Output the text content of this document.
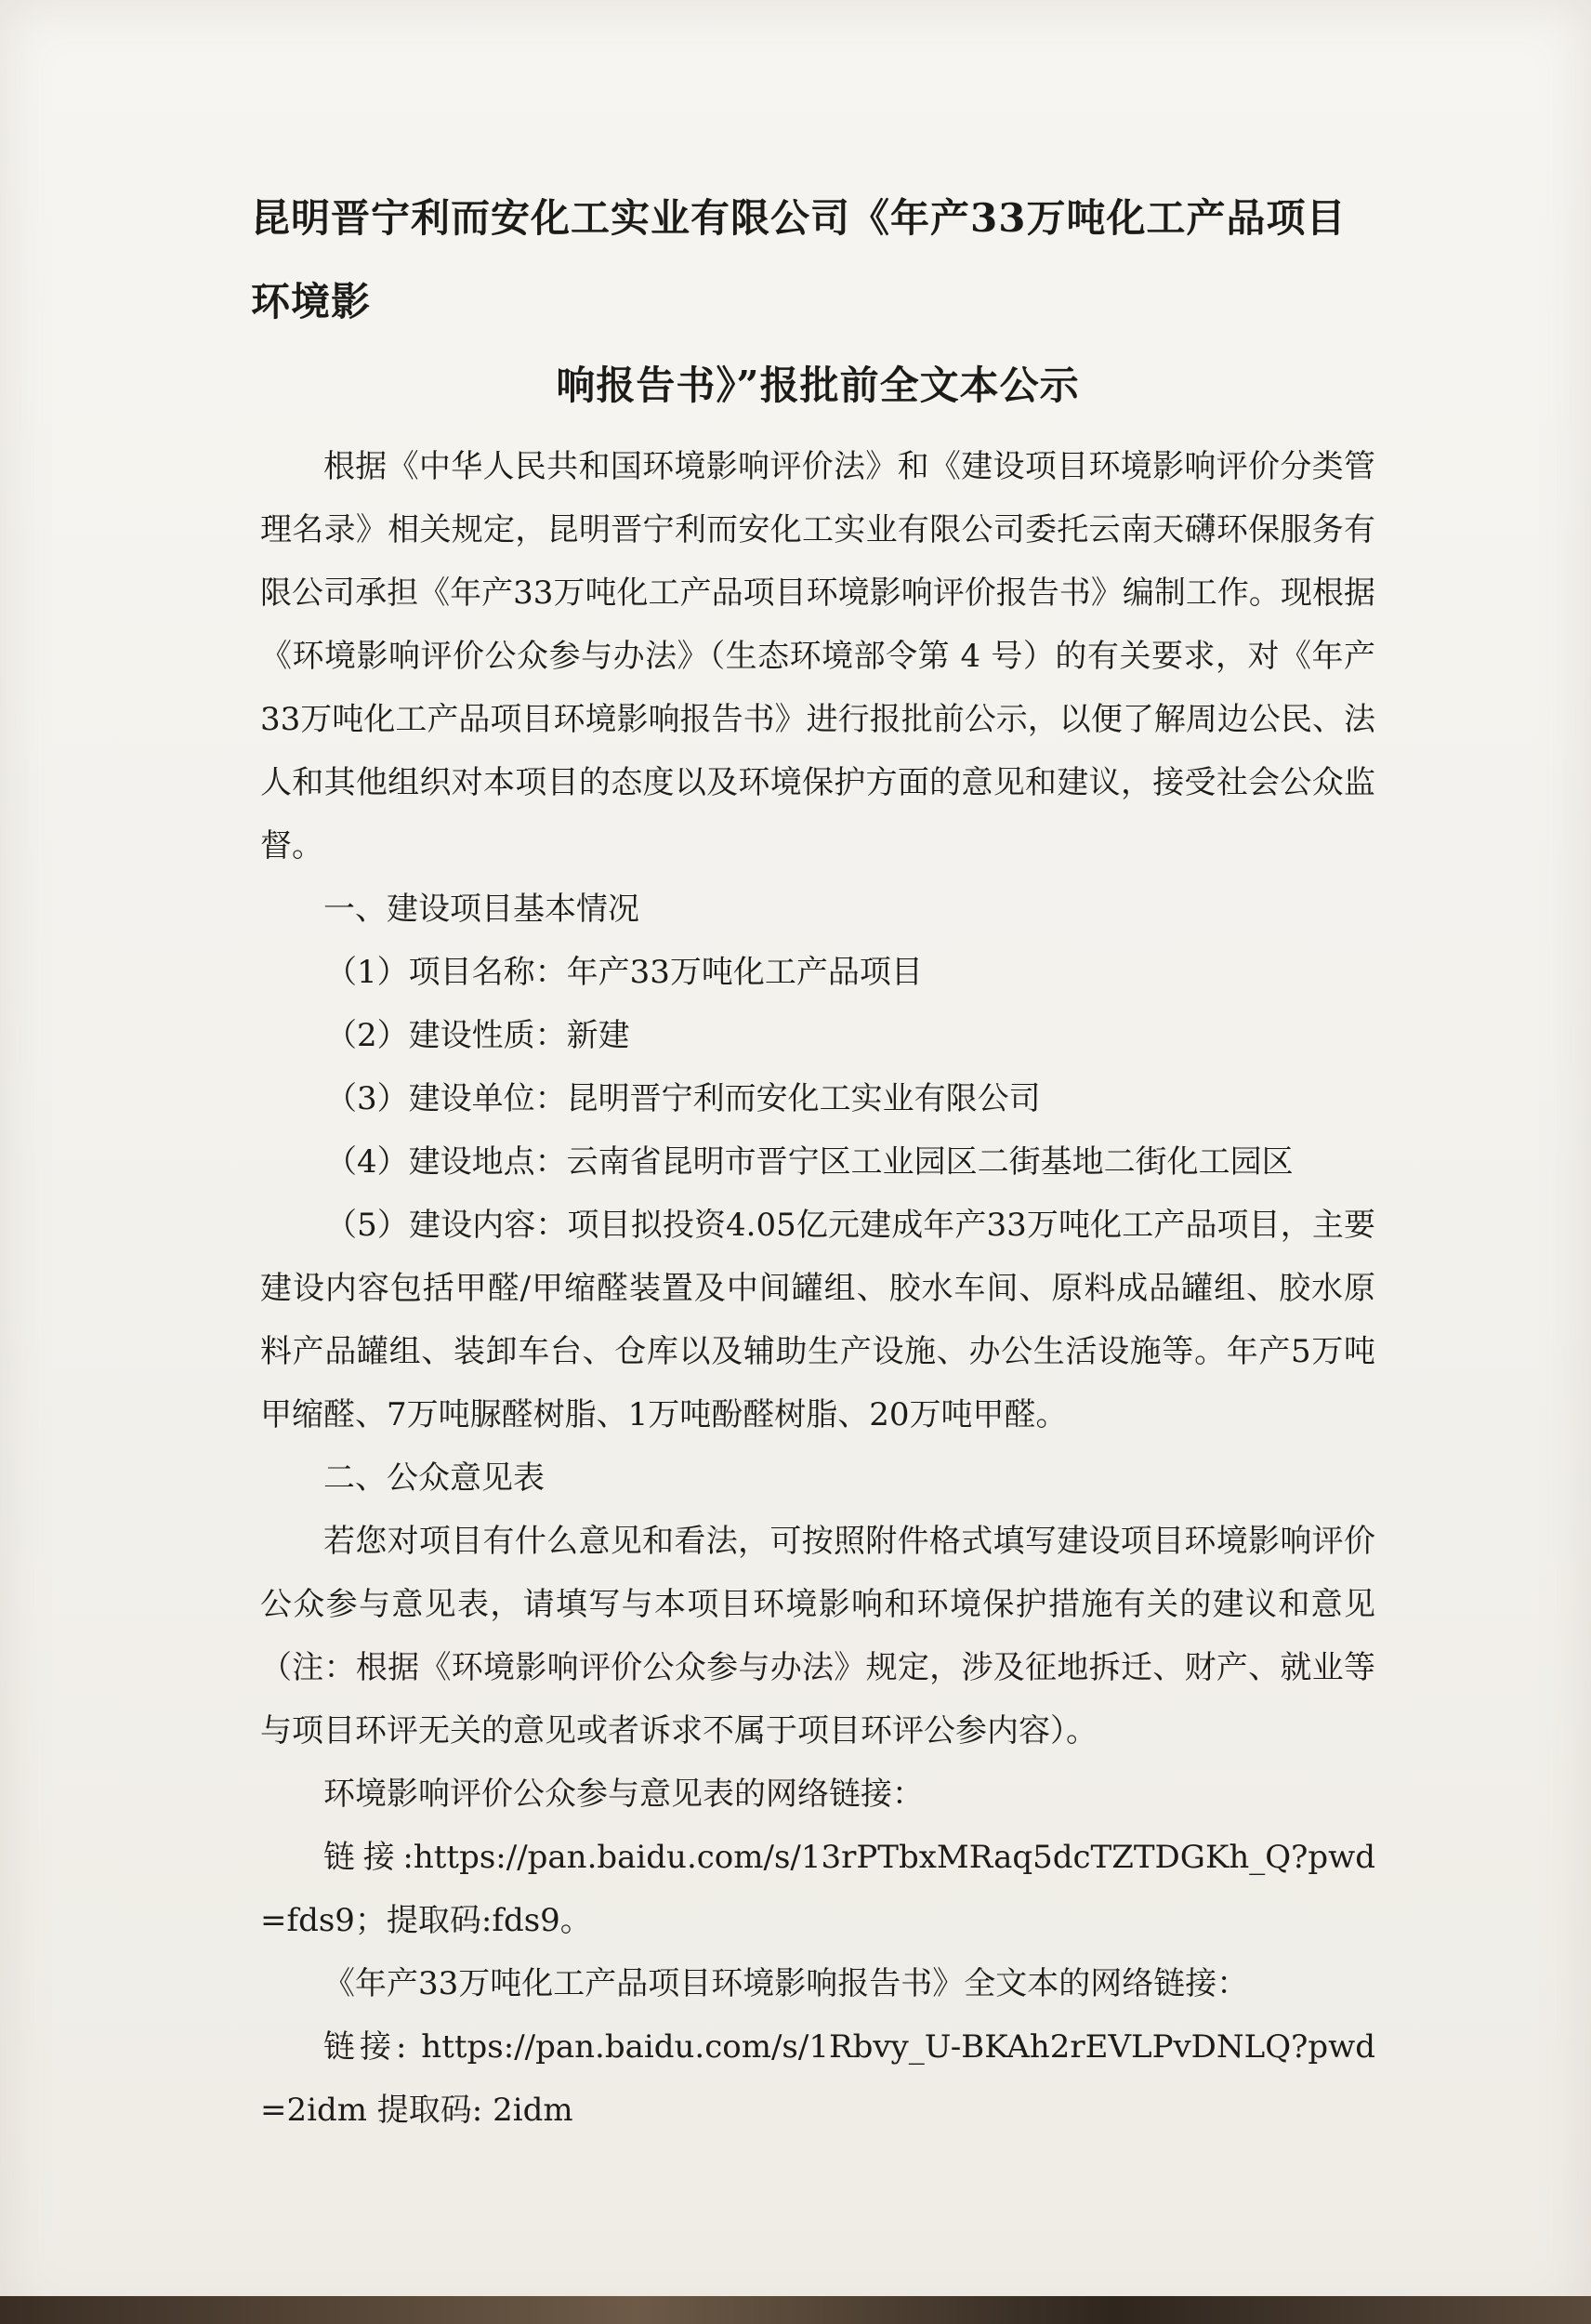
昆明晋宁利而安化工实业有限公司《年产33万吨化工产品项目环境影
响报告书》”报批前全文本公示

根据《中华人民共和国环境影响评价法》和《建设项目环境影响评价分类管理名录》相关规定，昆明晋宁利而安化工实业有限公司委托云南天礴环保服务有限公司承担《年产33万吨化工产品项目环境影响评价报告书》编制工作。现根据《环境影响评价公众参与办法》（生态环境部令第 4 号）的有关要求，对《年产33万吨化工产品项目环境影响报告书》进行报批前公示，以便了解周边公民、法人和其他组织对本项目的态度以及环境保护方面的意见和建议，接受社会公众监督。

一、建设项目基本情况

（1）项目名称：年产33万吨化工产品项目

（2）建设性质：新建

（3）建设单位：昆明晋宁利而安化工实业有限公司

（4）建设地点：云南省昆明市晋宁区工业园区二街基地二街化工园区

（5）建设内容：项目拟投资4.05亿元建成年产33万吨化工产品项目，主要建设内容包括甲醛/甲缩醛装置及中间罐组、胶水车间、原料成品罐组、胶水原料产品罐组、装卸车台、仓库以及辅助生产设施、办公生活设施等。年产5万吨甲缩醛、7万吨脲醛树脂、1万吨酚醛树脂、20万吨甲醛。

二、公众意见表

若您对项目有什么意见和看法，可按照附件格式填写建设项目环境影响评价公众参与意见表，请填写与本项目环境影响和环境保护措施有关的建议和意见（注：根据《环境影响评价公众参与办法》规定，涉及征地拆迁、财产、就业等与项目环评无关的意见或者诉求不属于项目环评公参内容）。

环境影响评价公众参与意见表的网络链接：

链接:https://pan.baidu.com/s/13rPTbxMRaq5dcTZTDGKh_Q?pwd=fds9；提取码:fds9。

《年产33万吨化工产品项目环境影响报告书》全文本的网络链接：

链接: https://pan.baidu.com/s/1Rbvy_U-BKAh2rEVLPvDNLQ?pwd=2idm 提取码: 2idm
